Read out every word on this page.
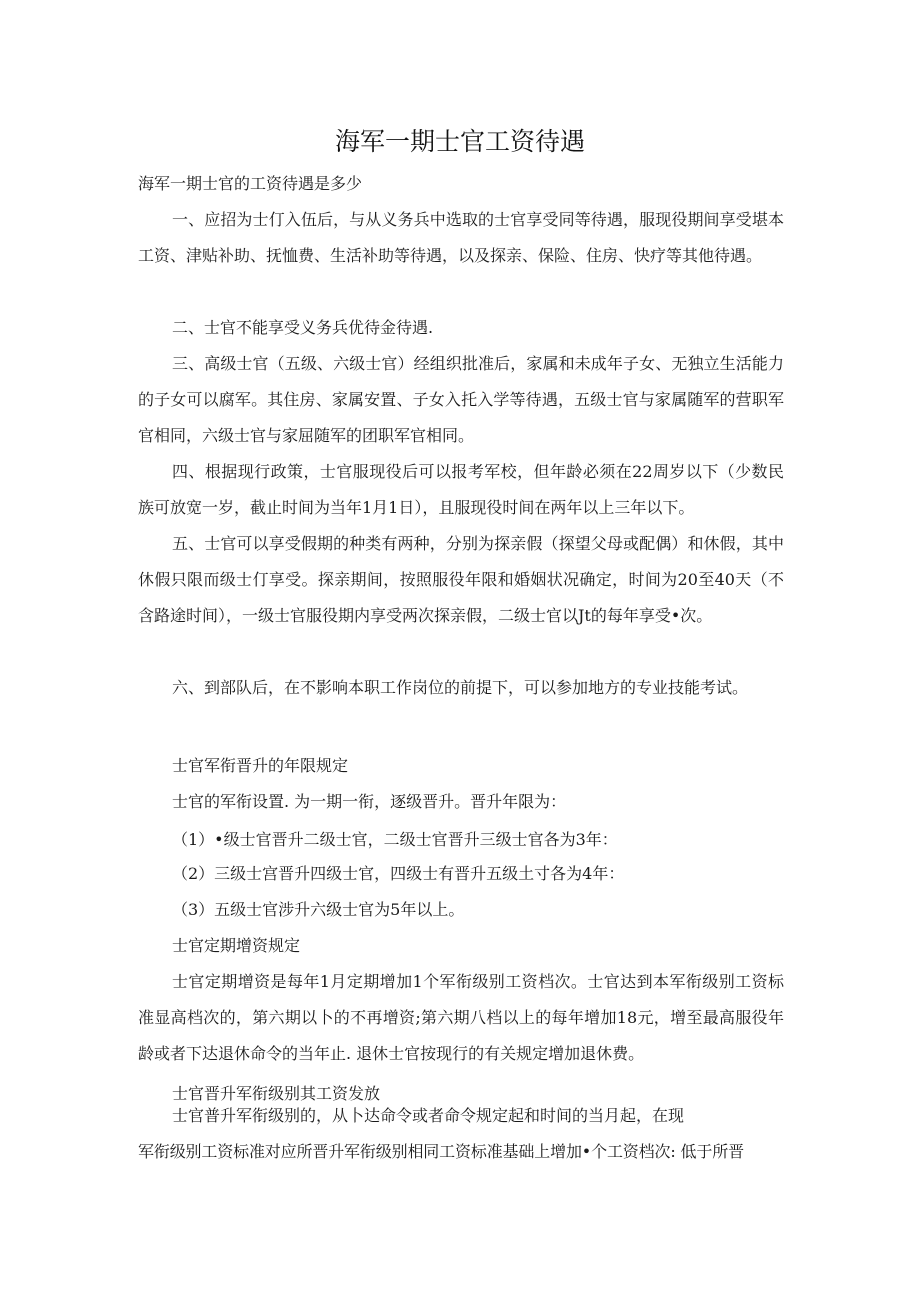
海军一期士官工资待遇
海军一期士官的工资待遇是多少
一、应招为士仃入伍后，与从义务兵中选取的士官享受同等待遇，服现役期间享受堪本工资、津贴补助、抚恤费、生活补助等待遇，以及探亲、保险、住房、快疗等其他待遇。
二、士官不能享受义务兵优待金待遇.
三、高级士官（五级、六级士官）经组织批准后，家属和未成年子女、无独立生活能力的子女可以腐军。其住房、家属安置、子女入托入学等待遇，五级士官与家属随军的营职军官相同，六级士官与家屈随军的团职军官相同。
四、根据现行政策，士官服现役后可以报考军校，但年龄必须在22周岁以下（少数民族可放宽一岁，截止时间为当年1月1日），且服现役时间在两年以上三年以下。
五、士官可以享受假期的种类有两种，分别为探亲假（探望父母或配偶）和休假，其中休假只限而级士仃享受。探亲期间，按照服役年限和婚姻状况确定，时间为20至40天（不含路途时间），一级士官服役期内享受两次探亲假，二级士官以Jt的每年享受•次。
六、到部队后，在不影响本职工作岗位的前提下，可以参加地方的专业技能考试。
士官军衔晋升的年限规定
士官的军衔设置. 为一期一衔，逐级晋升。晋升年限为：
（1）•级士官晋升二级士官，二级士官晋升三级士官各为3年：
（2）三级士宫晋升四级士官，四级士有晋升五级土寸各为4年：
（3）五级士官涉升六级士官为5年以上。
士官定期增资规定
士官定期增资是每年1月定期增加1个军衔级别工资档次。士官达到本军衔级别工资标准显高档次的，第六期以卜的不再增资;第六期八档以上的每年增加18元，增至最高服役年龄或者下达退休命令的当年止. 退休士官按现行的有关规定增加退休费。
士官晋升军衔级别其工资发放
士官普升军衔级别的，从卜达命令或者命令规定起和时间的当月起，在现
军衔级别工资标准对应所晋升军衔级别相同工资标准基础上增加•个工资档次: 低于所晋
